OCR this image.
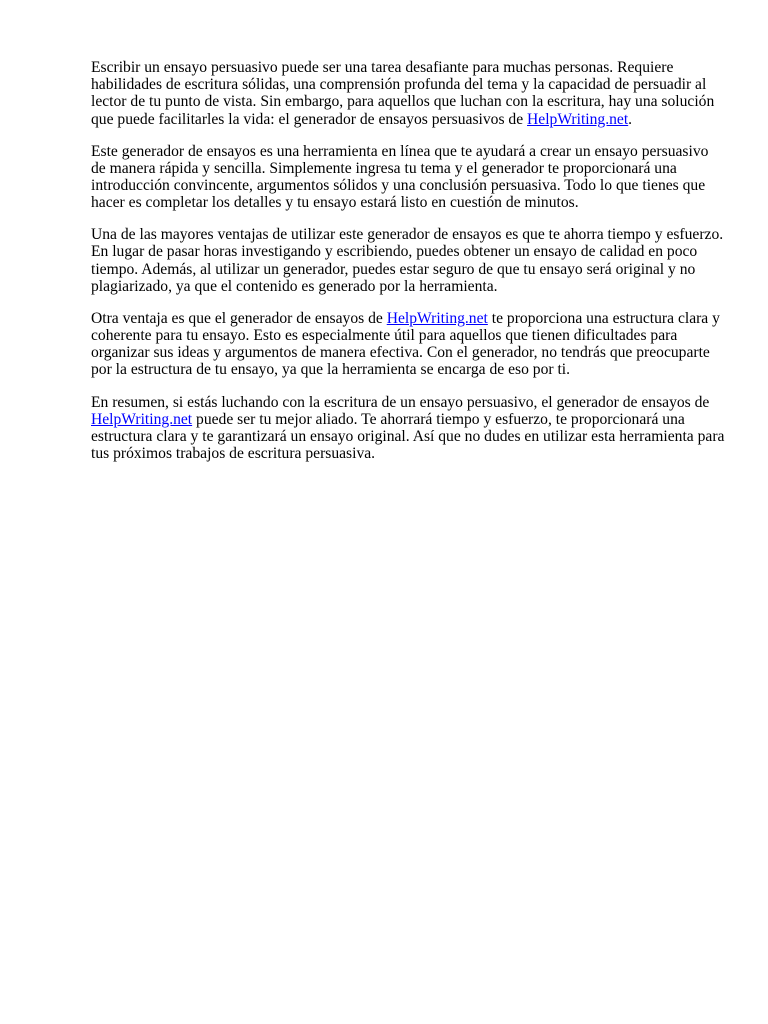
Escribir un ensayo persuasivo puede ser una tarea desafiante para muchas personas. Requiere
habilidades de escritura sólidas, una comprensión profunda del tema y la capacidad de persuadir al
lector de tu punto de vista. Sin embargo, para aquellos que luchan con la escritura, hay una solución
que puede facilitarles la vida: el generador de ensayos persuasivos de HelpWriting.net.
Este generador de ensayos es una herramienta en línea que te ayudará a crear un ensayo persuasivo
de manera rápida y sencilla. Simplemente ingresa tu tema y el generador te proporcionará una
introducción convincente, argumentos sólidos y una conclusión persuasiva. Todo lo que tienes que
hacer es completar los detalles y tu ensayo estará listo en cuestión de minutos.
Una de las mayores ventajas de utilizar este generador de ensayos es que te ahorra tiempo y esfuerzo.
En lugar de pasar horas investigando y escribiendo, puedes obtener un ensayo de calidad en poco
tiempo. Además, al utilizar un generador, puedes estar seguro de que tu ensayo será original y no
plagiarizado, ya que el contenido es generado por la herramienta.
Otra ventaja es que el generador de ensayos de HelpWriting.net te proporciona una estructura clara y
coherente para tu ensayo. Esto es especialmente útil para aquellos que tienen dificultades para
organizar sus ideas y argumentos de manera efectiva. Con el generador, no tendrás que preocuparte
por la estructura de tu ensayo, ya que la herramienta se encarga de eso por ti.
En resumen, si estás luchando con la escritura de un ensayo persuasivo, el generador de ensayos de
HelpWriting.net puede ser tu mejor aliado. Te ahorrará tiempo y esfuerzo, te proporcionará una
estructura clara y te garantizará un ensayo original. Así que no dudes en utilizar esta herramienta para
tus próximos trabajos de escritura persuasiva.
